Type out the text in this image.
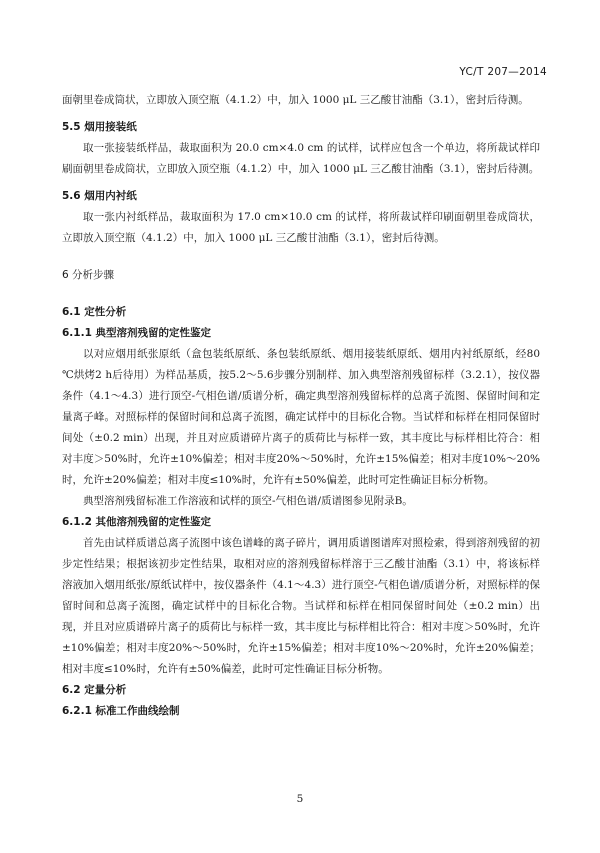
YC/T 207—2014

面朝里卷成筒状，立即放入顶空瓶（4.1.2）中，加入 1000 μL 三乙酸甘油酯（3.1），密封后待测。

5.5 烟用接装纸

取一张接装纸样品，裁取面积为 20.0 cm×4.0 cm 的试样，试样应包含一个单边，将所裁试样印刷面朝里卷成筒状，立即放入顶空瓶（4.1.2）中，加入 1000 μL 三乙酸甘油酯（3.1），密封后待测。

5.6 烟用内衬纸

取一张内衬纸样品，裁取面积为 17.0 cm×10.0 cm 的试样，将所裁试样印刷面朝里卷成筒状，立即放入顶空瓶（4.1.2）中，加入 1000 μL 三乙酸甘油酯（3.1），密封后待测。

6 分析步骤
6.1 定性分析
6.1.1 典型溶剂残留的定性鉴定

以对应烟用纸张原纸（盒包装纸原纸、条包装纸原纸、烟用接装纸原纸、烟用内衬纸原纸，经80 ℃烘烤2 h后待用）为样品基质，按5.2～5.6步骤分别制样、加入典型溶剂残留标样（3.2.1），按仪器条件（4.1～4.3）进行顶空-气相色谱/质谱分析，确定典型溶剂残留标样的总离子流图、保留时间和定量离子峰。对照标样的保留时间和总离子流图，确定试样中的目标化合物。当试样和标样在相同保留时间处（±0.2 min）出现，并且对应质谱碎片离子的质荷比与标样一致，其丰度比与标样相比符合：相对丰度＞50%时，允许±10%偏差；相对丰度20%～50%时，允许±15%偏差；相对丰度10%～20%时，允许±20%偏差；相对丰度≤10%时，允许有±50%偏差，此时可定性确证目标分析物。

典型溶剂残留标准工作溶液和试样的顶空-气相色谱/质谱图参见附录B。

6.1.2 其他溶剂残留的定性鉴定

首先由试样质谱总离子流图中该色谱峰的离子碎片，调用质谱图谱库对照检索，得到溶剂残留的初步定性结果；根据该初步定性结果，取相对应的溶剂残留标样溶于三乙酸甘油酯（3.1）中，将该标样溶液加入烟用纸张/原纸试样中，按仪器条件（4.1～4.3）进行顶空-气相色谱/质谱分析，对照标样的保留时间和总离子流图，确定试样中的目标化合物。当试样和标样在相同保留时间处（±0.2 min）出现，并且对应质谱碎片离子的质荷比与标样一致，其丰度比与标样相比符合：相对丰度＞50%时，允许±10%偏差；相对丰度20%～50%时，允许±15%偏差；相对丰度10%～20%时，允许±20%偏差；相对丰度≤10%时，允许有±50%偏差，此时可定性确证目标分析物。

6.2 定量分析
6.2.1 标准工作曲线绘制
5
